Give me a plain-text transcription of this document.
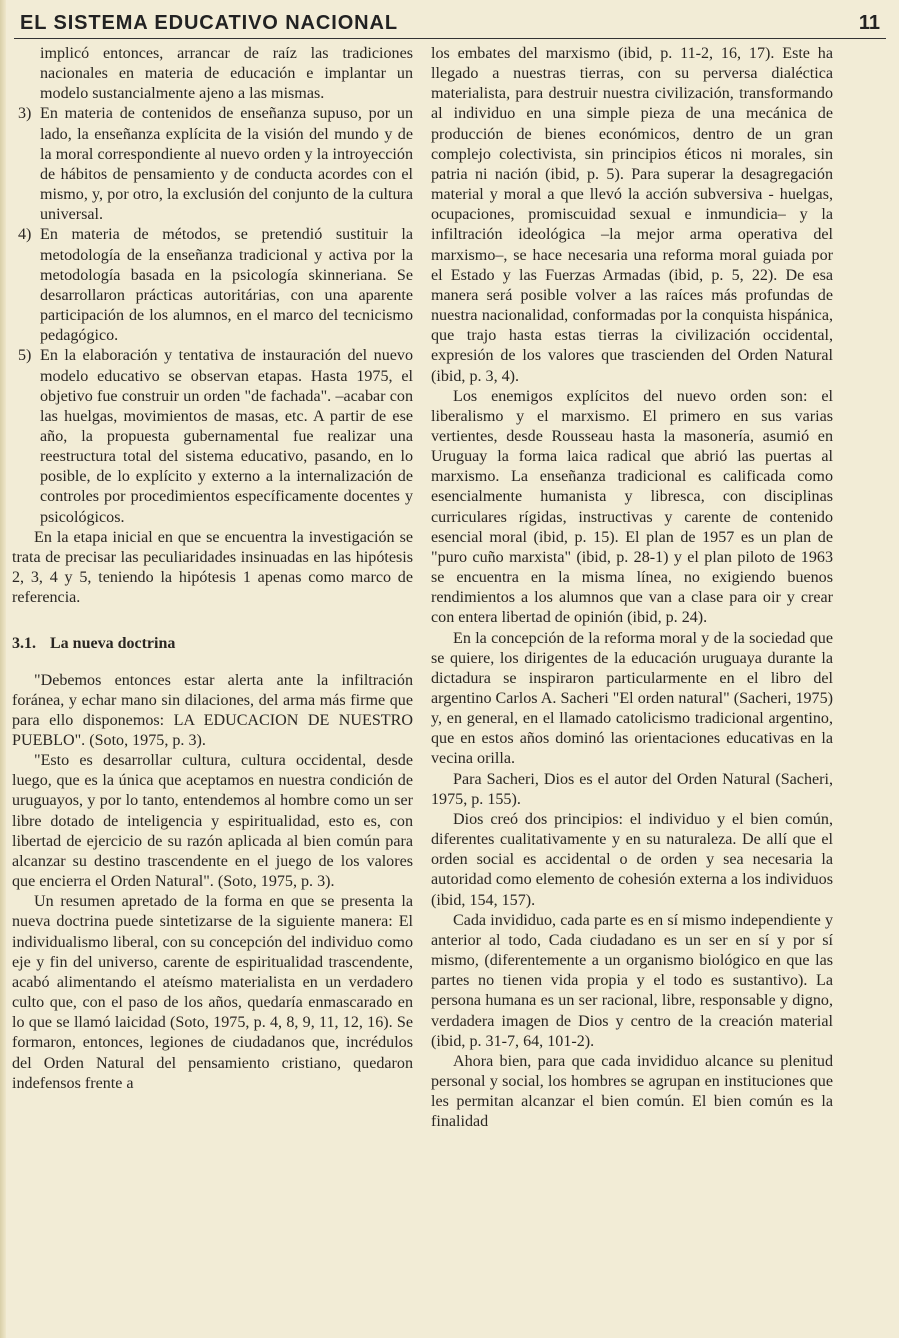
EL SISTEMA EDUCATIVO NACIONAL	11

implicó entonces, arrancar de raíz las tradiciones nacionales en materia de educación e implantar un modelo sustancialmente ajeno a las mismas.

3) En materia de contenidos de enseñanza supuso, por un lado, la enseñanza explícita de la visión del mundo y de la moral correspondiente al nuevo orden y la introyección de hábitos de pensamiento y de conducta acordes con el mismo, y, por otro, la exclusión del conjunto de la cultura universal.

4) En materia de métodos, se pretendió sustituir la metodología de la enseñanza tradicional y activa por la metodología basada en la psicología skinneriana. Se desarrollaron prácticas autoritárias, con una aparente participación de los alumnos, en el marco del tecnicismo pedagógico.

5) En la elaboración y tentativa de instauración del nuevo modelo educativo se observan etapas. Hasta 1975, el objetivo fue construir un orden "de fachada". –acabar con las huelgas, movimientos de masas, etc. A partir de ese año, la propuesta gubernamental fue realizar una reestructura total del sistema educativo, pasando, en lo posible, de lo explícito y externo a la internalización de controles por procedimientos específicamente docentes y psicológicos.

En la etapa inicial en que se encuentra la investigación se trata de precisar las peculiaridades insinuadas en las hipótesis 2, 3, 4 y 5, teniendo la hipótesis 1 apenas como marco de referencia.

3.1. La nueva doctrina

"Debemos entonces estar alerta ante la infiltración foránea, y echar mano sin dilaciones, del arma más firme que para ello disponemos: LA EDUCACION DE NUESTRO PUEBLO". (Soto, 1975, p. 3).

"Esto es desarrollar cultura, cultura occidental, desde luego, que es la única que aceptamos en nuestra condición de uruguayos, y por lo tanto, entendemos al hombre como un ser libre dotado de inteligencia y espiritualidad, esto es, con libertad de ejercicio de su razón aplicada al bien común para alcanzar su destino trascendente en el juego de los valores que encierra el Orden Natural". (Soto, 1975, p. 3).

Un resumen apretado de la forma en que se presenta la nueva doctrina puede sintetizarse de la siguiente manera: El individualismo liberal, con su concepción del individuo como eje y fin del universo, carente de espiritualidad trascendente, acabó alimentando el ateísmo materialista en un verdadero culto que, con el paso de los años, quedaría enmascarado en lo que se llamó laicidad (Soto, 1975, p. 4, 8, 9, 11, 12, 16). Se formaron, entonces, legiones de ciudadanos que, incrédulos del Orden Natural del pensamiento cristiano, quedaron indefensos frente a

los embates del marxismo (ibid, p. 11-2, 16, 17). Este ha llegado a nuestras tierras, con su perversa dialéctica materialista, para destruir nuestra civilización, transformando al individuo en una simple pieza de una mecánica de producción de bienes económicos, dentro de un gran complejo colectivista, sin principios éticos ni morales, sin patria ni nación (ibid, p. 5). Para superar la desagregación material y moral a que llevó la acción subversiva - huelgas, ocupaciones, promiscuidad sexual e inmundicia– y la infiltración ideológica –la mejor arma operativa del marxismo–, se hace necesaria una reforma moral guiada por el Estado y las Fuerzas Armadas (ibid, p. 5, 22). De esa manera será posible volver a las raíces más profundas de nuestra nacionalidad, conformadas por la conquista hispánica, que trajo hasta estas tierras la civilización occidental, expresión de los valores que trascienden del Orden Natural (ibid, p. 3, 4).

Los enemigos explícitos del nuevo orden son: el liberalismo y el marxismo. El primero en sus varias vertientes, desde Rousseau hasta la masonería, asumió en Uruguay la forma laica radical que abrió las puertas al marxismo. La enseñanza tradicional es calificada como esencialmente humanista y libresca, con disciplinas curriculares rígidas, instructivas y carente de contenido esencial moral (ibid, p. 15). El plan de 1957 es un plan de "puro cuño marxista" (ibid, p. 28-1) y el plan piloto de 1963 se encuentra en la misma línea, no exigiendo buenos rendimientos a los alumnos que van a clase para oir y crear con entera libertad de opinión (ibid, p. 24).

En la concepción de la reforma moral y de la sociedad que se quiere, los dirigentes de la educación uruguaya durante la dictadura se inspiraron particularmente en el libro del argentino Carlos A. Sacheri "El orden natural" (Sacheri, 1975) y, en general, en el llamado catolicismo tradicional argentino, que en estos años dominó las orientaciones educativas en la vecina orilla.

Para Sacheri, Dios es el autor del Orden Natural (Sacheri, 1975, p. 155).

Dios creó dos principios: el individuo y el bien común, diferentes cualitativamente y en su naturaleza. De allí que el orden social es accidental o de orden y sea necesaria la autoridad como elemento de cohesión externa a los individuos (ibid, 154, 157).

Cada invididuo, cada parte es en sí mismo independiente y anterior al todo, Cada ciudadano es un ser en sí y por sí mismo, (diferentemente a un organismo biológico en que las partes no tienen vida propia y el todo es sustantivo). La persona humana es un ser racional, libre, responsable y digno, verdadera imagen de Dios y centro de la creación material (ibid, p. 31-7, 64, 101-2).

Ahora bien, para que cada invididuo alcance su plenitud personal y social, los hombres se agrupan en instituciones que les permitan alcanzar el bien común. El bien común es la finalidad
